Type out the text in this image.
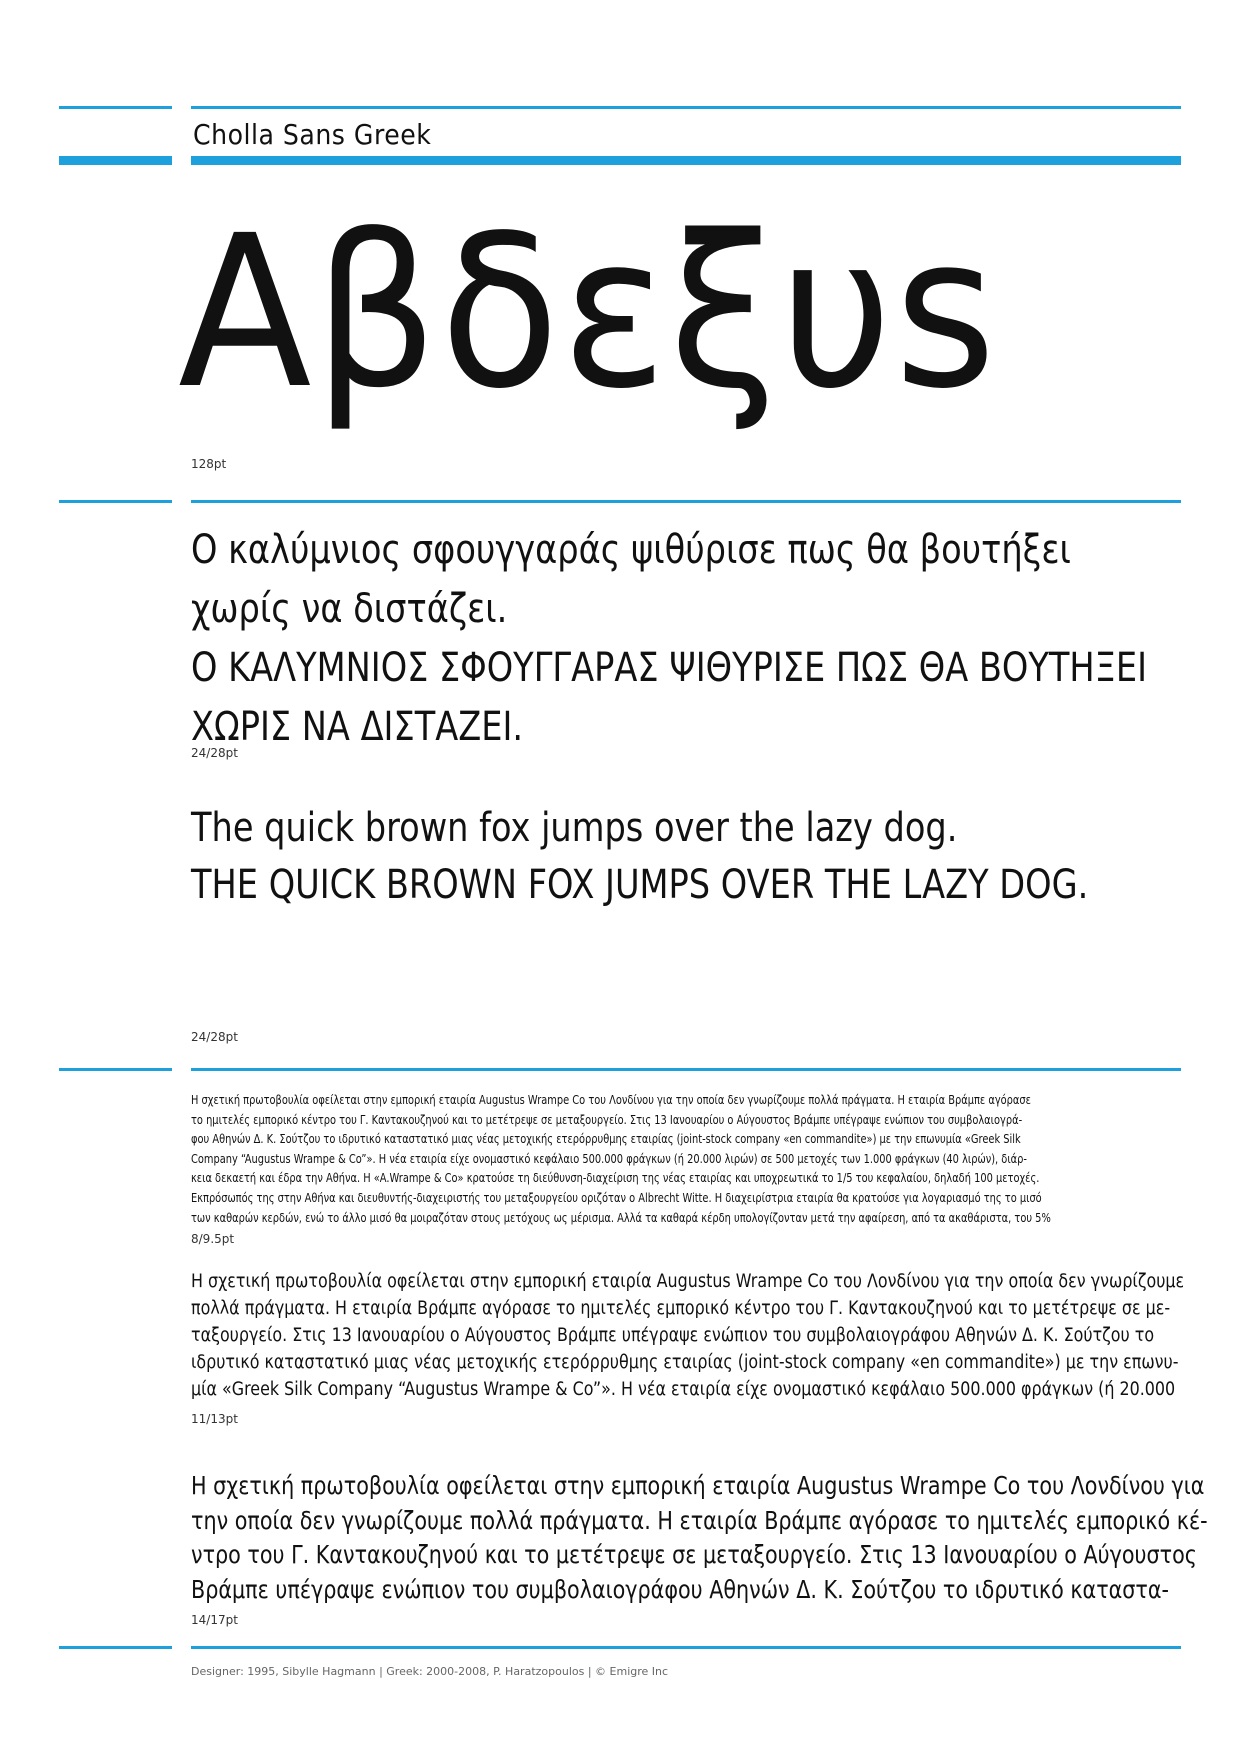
Cholla Sans Greek
Αβδεξυs
128pt
Ο καλύμνιος σφουγγαράς ψιθύρισε πως θα βουτήξει
χωρίς να διστάζει.
Ο ΚΑΛΥΜΝΙΟΣ ΣΦΟΥΓΓΑΡΑΣ ΨΙΘΥΡΙΣΕ ΠΩΣ ΘΑ ΒΟΥΤΗΞΕΙ
ΧΩΡΙΣ ΝΑ ΔΙΣΤΑΖΕΙ.
24/28pt
The quick brown fox jumps over the lazy dog.
THE QUICK BROWN FOX JUMPS OVER THE LAZY DOG.
24/28pt
Η σχετική πρωτοβουλία οφείλεται στην εμπορική εταιρία Augustus Wrampe Co του Λονδίνου για την οποία δεν γνωρίζουμε πολλά πράγματα. Η εταιρία Βράμπε αγόρασε
το ημιτελές εμπορικό κέντρο του Γ. Καντακουζηνού και το μετέτρεψε σε μεταξουργείο. Στις 13 Ιανουαρίου ο Αύγουστος Βράμπε υπέγραψε ενώπιον του συμβολαιογρά-
φου Αθηνών Δ. Κ. Σούτζου το ιδρυτικό καταστατικό μιας νέας μετοχικής ετερόρρυθμης εταιρίας (joint-stock company «en commandite») με την επωνυμία «Greek Silk
Company “Augustus Wrampe & Co”». Η νέα εταιρία είχε ονομαστικό κεφάλαιο 500.000 φράγκων (ή 20.000 λιρών) σε 500 μετοχές των 1.000 φράγκων (40 λιρών), διάρ-
κεια δεκαετή και έδρα την Αθήνα. Η «A.Wrampe & Co» κρατούσε τη διεύθυνση-διαχείριση της νέας εταιρίας και υποχρεωτικά το 1/5 του κεφαλαίου, δηλαδή 100 μετοχές.
Εκπρόσωπός της στην Αθήνα και διευθυντής-διαχειριστής του μεταξουργείου οριζόταν ο Albrecht Witte. Η διαχειρίστρια εταιρία θα κρατούσε για λογαριασμό της το μισό
των καθαρών κερδών, ενώ το άλλο μισό θα μοιραζόταν στους μετόχους ως μέρισμα. Αλλά τα καθαρά κέρδη υπολογίζονταν μετά την αφαίρεση, από τα ακαθάριστα, του 5%
8/9.5pt
Η σχετική πρωτοβουλία οφείλεται στην εμπορική εταιρία Augustus Wrampe Co του Λονδίνου για την οποία δεν γνωρίζουμε
πολλά πράγματα. Η εταιρία Βράμπε αγόρασε το ημιτελές εμπορικό κέντρο του Γ. Καντακουζηνού και το μετέτρεψε σε με-
ταξουργείο. Στις 13 Ιανουαρίου ο Αύγουστος Βράμπε υπέγραψε ενώπιον του συμβολαιογράφου Αθηνών Δ. Κ. Σούτζου το
ιδρυτικό καταστατικό μιας νέας μετοχικής ετερόρρυθμης εταιρίας (joint-stock company «en commandite») με την επωνυ-
μία «Greek Silk Company “Augustus Wrampe & Co”». Η νέα εταιρία είχε ονομαστικό κεφάλαιο 500.000 φράγκων (ή 20.000
11/13pt
Η σχετική πρωτοβουλία οφείλεται στην εμπορική εταιρία Augustus Wrampe Co του Λονδίνου για
την οποία δεν γνωρίζουμε πολλά πράγματα. Η εταιρία Βράμπε αγόρασε το ημιτελές εμπορικό κέ-
ντρο του Γ. Καντακουζηνού και το μετέτρεψε σε μεταξουργείο. Στις 13 Ιανουαρίου ο Αύγουστος
Βράμπε υπέγραψε ενώπιον του συμβολαιογράφου Αθηνών Δ. Κ. Σούτζου το ιδρυτικό καταστα-
14/17pt
Designer: 1995, Sibylle Hagmann | Greek: 2000-2008, P. Haratzopoulos | © Emigre Inc
